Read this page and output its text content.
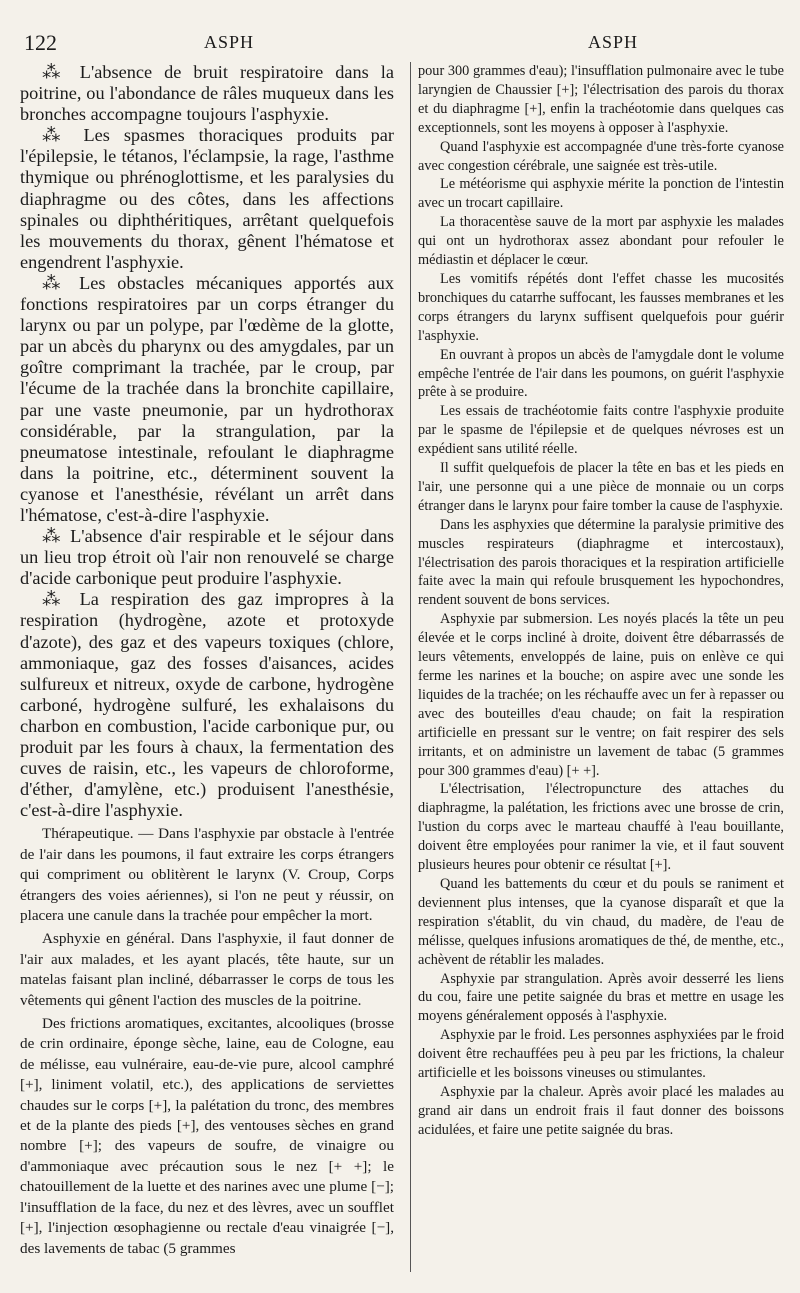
122	ASPH	ASPH

⁂ L'absence de bruit respiratoire dans la poitrine, ou l'abondance de râles muqueux dans les bronches accompagne toujours l'asphyxie.

⁂ Les spasmes thoraciques produits par l'épilepsie, le tétanos, l'éclampsie, la rage, l'asthme thymique ou phrénoglottisme, et les paralysies du diaphragme ou des côtes, dans les affections spinales ou diphthéritiques, arrêtant quelquefois les mouvements du thorax, gênent l'hématose et engendrent l'asphyxie.

⁂ Les obstacles mécaniques apportés aux fonctions respiratoires par un corps étranger du larynx ou par un polype, par l'œdème de la glotte, par un abcès du pharynx ou des amygdales, par un goître comprimant la trachée, par le croup, par l'écume de la trachée dans la bronchite capillaire, par une vaste pneumonie, par un hydrothorax considérable, par la strangulation, par la pneumatose intestinale, refoulant le diaphragme dans la poitrine, etc., déterminent souvent la cyanose et l'anesthésie, révélant un arrêt dans l'hématose, c'est-à-dire l'asphyxie.

⁂ L'absence d'air respirable et le séjour dans un lieu trop étroit où l'air non renouvelé se charge d'acide carbonique peut produire l'asphyxie.

⁂ La respiration des gaz impropres à la respiration (hydrogène, azote et protoxyde d'azote), des gaz et des vapeurs toxiques (chlore, ammoniaque, gaz des fosses d'aisances, acides sulfureux et nitreux, oxyde de carbone, hydrogène carboné, hydrogène sulfuré, les exhalaisons du charbon en combustion, l'acide carbonique pur, ou produit par les fours à chaux, la fermentation des cuves de raisin, etc., les vapeurs de chloroforme, d'éther, d'amylène, etc.) produisent l'anesthésie, c'est-à-dire l'asphyxie.

Thérapeutique. — Dans l'asphyxie par obstacle à l'entrée de l'air dans les poumons, il faut extraire les corps étrangers qui compriment ou oblitèrent le larynx (V. Croup, Corps étrangers des voies aériennes), si l'on ne peut y réussir, on placera une canule dans la trachée pour empêcher la mort.

Asphyxie en général. Dans l'asphyxie, il faut donner de l'air aux malades, et les ayant placés, tête haute, sur un matelas faisant plan incliné, débarrasser le corps de tous les vêtements qui gênent l'action des muscles de la poitrine.

Des frictions aromatiques, excitantes, alcooliques (brosse de crin ordinaire, éponge sèche, laine, eau de Cologne, eau de mélisse, eau vulnéraire, eau-de-vie pure, alcool camphré [+], liniment volatil, etc.), des applications de serviettes chaudes sur le corps [+], la palétation du tronc, des membres et de la plante des pieds [+], des ventouses sèches en grand nombre [+]; des vapeurs de soufre, de vinaigre ou d'ammoniaque avec précaution sous le nez [+ +]; le chatouillement de la luette et des narines avec une plume [−]; l'insufflation de la face, du nez et des lèvres, avec un soufflet [+], l'injection œsophagienne ou rectale d'eau vinaigrée [−], des lavements de tabac (5 grammes

pour 300 grammes d'eau); l'insufflation pulmonaire avec le tube laryngien de Chaussier [+]; l'électrisation des parois du thorax et du diaphragme [+], enfin la trachéotomie dans quelques cas exceptionnels, sont les moyens à opposer à l'asphyxie.

Quand l'asphyxie est accompagnée d'une très-forte cyanose avec congestion cérébrale, une saignée est très-utile.

Le météorisme qui asphyxie mérite la ponction de l'intestin avec un trocart capillaire.

La thoracentèse sauve de la mort par asphyxie les malades qui ont un hydrothorax assez abondant pour refouler le médiastin et déplacer le cœur.

Les vomitifs répétés dont l'effet chasse les mucosités bronchiques du catarrhe suffocant, les fausses membranes et les corps étrangers du larynx suffisent quelquefois pour guérir l'asphyxie.

En ouvrant à propos un abcès de l'amygdale dont le volume empêche l'entrée de l'air dans les poumons, on guérit l'asphyxie prête à se produire.

Les essais de trachéotomie faits contre l'asphyxie produite par le spasme de l'épilepsie et de quelques névroses est un expédient sans utilité réelle.

Il suffit quelquefois de placer la tête en bas et les pieds en l'air, une personne qui a une pièce de monnaie ou un corps étranger dans le larynx pour faire tomber la cause de l'asphyxie.

Dans les asphyxies que détermine la paralysie primitive des muscles respirateurs (diaphragme et intercostaux), l'électrisation des parois thoraciques et la respiration artificielle faite avec la main qui refoule brusquement les hypochondres, rendent souvent de bons services.

Asphyxie par submersion. Les noyés placés la tête un peu élevée et le corps incliné à droite, doivent être débarrassés de leurs vêtements, enveloppés de laine, puis on enlève ce qui ferme les narines et la bouche; on aspire avec une sonde les liquides de la trachée; on les réchauffe avec un fer à repasser ou avec des bouteilles d'eau chaude; on fait la respiration artificielle en pressant sur le ventre; on fait respirer des sels irritants, et on administre un lavement de tabac (5 grammes pour 300 grammes d'eau) [+ +].

L'électrisation, l'électropuncture des attaches du diaphragme, la palétation, les frictions avec une brosse de crin, l'ustion du corps avec le marteau chauffé à l'eau bouillante, doivent être employées pour ranimer la vie, et il faut souvent plusieurs heures pour obtenir ce résultat [+].

Quand les battements du cœur et du pouls se raniment et deviennent plus intenses, que la cyanose disparaît et que la respiration s'établit, du vin chaud, du madère, de l'eau de mélisse, quelques infusions aromatiques de thé, de menthe, etc., achèvent de rétablir les malades.

Asphyxie par strangulation. Après avoir desserré les liens du cou, faire une petite saignée du bras et mettre en usage les moyens généralement opposés à l'asphyxie.

Asphyxie par le froid. Les personnes asphyxiées par le froid doivent être rechauffées peu à peu par les frictions, la chaleur artificielle et les boissons vineuses ou stimulantes.

Asphyxie par la chaleur. Après avoir placé les malades au grand air dans un endroit frais il faut donner des boissons acidulées, et faire une petite saignée du bras.
